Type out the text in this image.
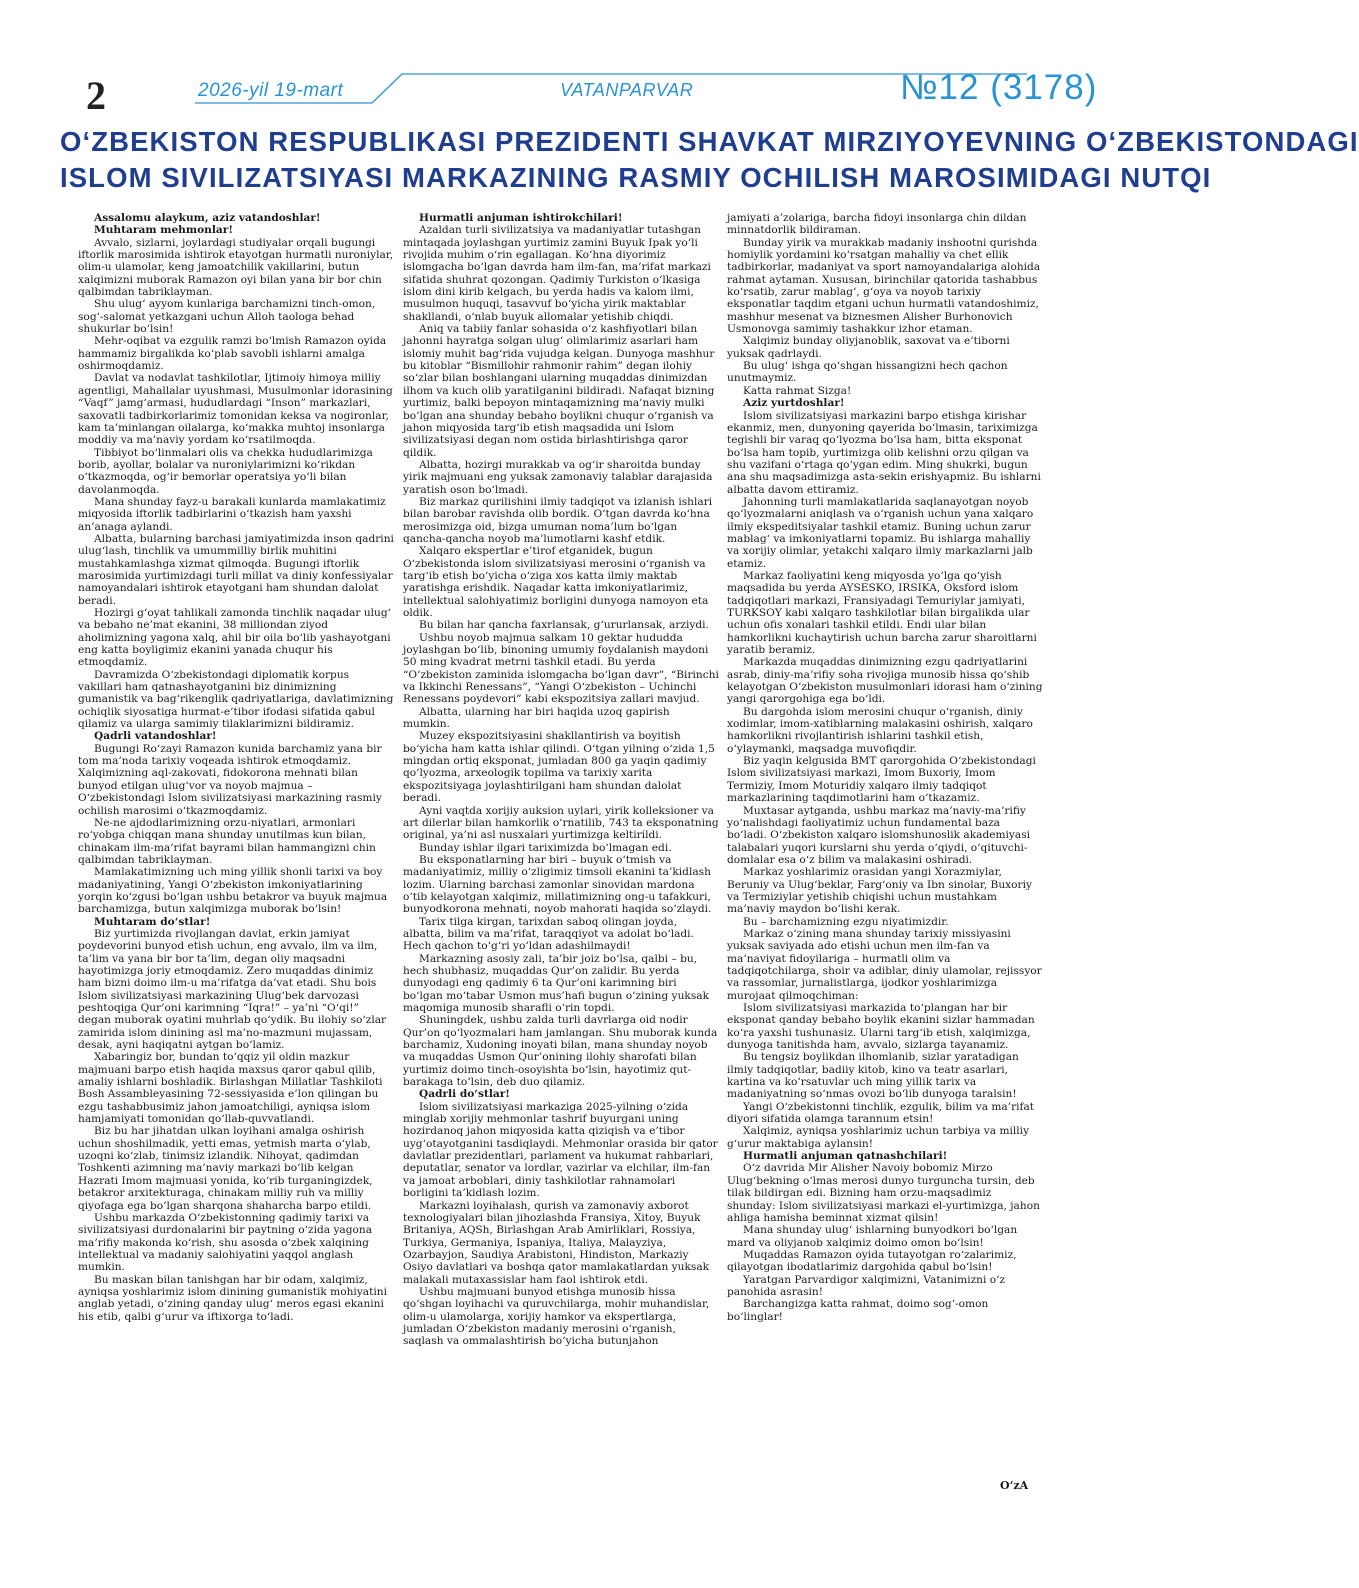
2	2026-yil 19-mart	VATANPARVAR	№12 (3178)
O‘ZBEKISTON RESPUBLIKASI PREZIDENTI SHAVKAT MIRZIYOYEVNING O‘ZBEKISTONDAGI
ISLOM SIVILIZATSIYASI MARKAZINING RASMIY OCHILISH MAROSIMIDAGI NUTQI

Assalomu alaykum, aziz vatandoshlar!

Muhtaram mehmonlar!

Avvalo, sizlarni, joylardagi studiyalar orqali bugungi iftorlik marosimida ishtirok etayotgan hurmatli nuroniylar, olim-u ulamolar, keng jamoatchilik vakillarini, butun xalqimizni muborak Ramazon oyi bilan yana bir bor chin qalbimdan tabriklayman.

Shu ulug‘ ayyom kunlariga barchamizni tinch-omon, sog‘-salomat yetkazgani uchun Alloh taologa behad shukurlar bo‘lsin!

Mehr-oqibat va ezgulik ramzi bo‘lmish Ramazon oyida hammamiz birgalikda ko‘plab savobli ishlarni amalga oshirmoqdamiz.

Davlat va nodavlat tashkilotlar, Ijtimoiy himoya milliy agentligi, Mahallalar uyushmasi, Musulmonlar idorasining “Vaqf” jamg‘armasi, hududlardagi “Inson” markazlari, saxovatli tadbirkorlarimiz tomonidan keksa va nogironlar, kam ta’minlangan oilalarga, ko‘makka muhtoj insonlarga moddiy va ma’naviy yordam ko‘rsatilmoqda.

Tibbiyot bo‘linmalari olis va chekka hududlarimizga borib, ayollar, bolalar va nuroniylarimizni ko‘rikdan o‘tkazmoqda, og‘ir bemorlar operatsiya yo‘li bilan davolanmoqda.

Mana shunday fayz-u barakali kunlarda mamlakatimiz miqyosida iftorlik tadbirlarini o‘tkazish ham yaxshi an’anaga aylandi.

Albatta, bularning barchasi jamiyatimizda inson qadrini ulug‘lash, tinchlik va umummilliy birlik muhitini mustahkamlashga xizmat qilmoqda. Bugungi iftorlik marosimida yurtimizdagi turli millat va diniy konfessiyalar namoyandalari ishtirok etayotgani ham shundan dalolat beradi.

Hozirgi g‘oyat tahlikali zamonda tinchlik naqadar ulug‘ va bebaho ne’mat ekanini, 38 milliondan ziyod aholimizning yagona xalq, ahil bir oila bo‘lib yashayotgani eng katta boyligimiz ekanini yanada chuqur his etmoqdamiz.

Davramizda O‘zbekistondagi diplomatik korpus vakillari ham qatnashayotganini biz dinimizning gumanistik va bag‘rikenglik qadriyatlariga, davlatimizning ochiqlik siyosatiga hurmat-e’tibor ifodasi sifatida qabul qilamiz va ularga samimiy tilaklarimizni bildiramiz.

Qadrli vatandoshlar!

Bugungi Ro‘zayi Ramazon kunida barchamiz yana bir tom ma’noda tarixiy voqeada ishtirok etmoqdamiz. Xalqimizning aql-zakovati, fidokorona mehnati bilan bunyod etilgan ulug‘vor va noyob majmua – O‘zbekistondagi Islom sivilizatsiyasi markazining rasmiy ochilish marosimi o‘tkazmoqdamiz.

Ne-ne ajdodlarimizning orzu-niyatlari, armonlari ro‘yobga chiqqan mana shunday unutilmas kun bilan, chinakam ilm-ma’rifat bayrami bilan hammangizni chin qalbimdan tabriklayman.

Mamlakatimizning uch ming yillik shonli tarixi va boy madaniyatining, Yangi O‘zbekiston imkoniyatlarining yorqin ko‘zgusi bo‘lgan ushbu betakror va buyuk majmua barchamizga, butun xalqimizga muborak bo‘lsin!

Muhtaram do‘stlar!

Biz yurtimizda rivojlangan davlat, erkin jamiyat poydevorini bunyod etish uchun, eng avvalo, ilm va ilm, ta’lim va yana bir bor ta’lim, degan oliy maqsadni hayotimizga joriy etmoqdamiz. Zero muqaddas dinimiz ham bizni doimo ilm-u ma’rifatga da’vat etadi. Shu bois Islom sivilizatsiyasi markazining Ulug‘bek darvozasi peshtoqiga Qur’oni karimning “Iqra!” – ya’ni “O‘qi!” degan muborak oyatini muhrlab qo‘ydik. Bu ilohiy so‘zlar zamirida islom dinining asl ma’no-mazmuni mujassam, desak, ayni haqiqatni aytgan bo‘lamiz.

Xabaringiz bor, bundan to‘qqiz yil oldin mazkur majmuani barpo etish haqida maxsus qaror qabul qilib, amaliy ishlarni boshladik. Birlashgan Millatlar Tashkiloti Bosh Assambleyasining 72-sessiyasida e’lon qilingan bu ezgu tashabbusimiz jahon jamoatchiligi, ayniqsa islom hamjamiyati tomonidan qo‘llab-quvvatlandi.

Biz bu har jihatdan ulkan loyihani amalga oshirish uchun shoshilmadik, yetti emas, yetmish marta o‘ylab, uzoqni ko‘zlab, tinimsiz izlandik. Nihoyat, qadimdan Toshkenti azimning ma’naviy markazi bo‘lib kelgan Hazrati Imom majmuasi yonida, ko‘rib turganingizdek, betakror arxitekturaga, chinakam milliy ruh va milliy qiyofaga ega bo‘lgan sharqona shaharcha barpo etildi.

Ushbu markazda O‘zbekistonning qadimiy tarixi va sivilizatsiyasi durdonalarini bir paytning o‘zida yagona ma’rifiy makonda ko‘rish, shu asosda o‘zbek xalqining intellektual va madaniy salohiyatini yaqqol anglash mumkin.

Bu maskan bilan tanishgan har bir odam, xalqimiz, ayniqsa yoshlarimiz islom dinining gumanistik mohiyatini anglab yetadi, o‘zining qanday ulug‘ meros egasi ekanini his etib, qalbi g‘urur va iftixorga to‘ladi.

Hurmatli anjuman ishtirokchilari!

Azaldan turli sivilizatsiya va madaniyatlar tutashgan mintaqada joylashgan yurtimiz zamini Buyuk Ipak yo‘li rivojida muhim o‘rin egallagan. Ko‘hna diyorimiz islomgacha bo‘lgan davrda ham ilm-fan, ma’rifat markazi sifatida shuhrat qozongan. Qadimiy Turkiston o‘lkasiga islom dini kirib kelgach, bu yerda hadis va kalom ilmi, musulmon huquqi, tasavvuf bo‘yicha yirik maktablar shakllandi, o‘nlab buyuk allomalar yetishib chiqdi.

Aniq va tabiiy fanlar sohasida o‘z kashfiyotlari bilan jahonni hayratga solgan ulug‘ olimlarimiz asarlari ham islomiy muhit bag‘rida vujudga kelgan. Dunyoga mashhur bu kitoblar “Bismillohir rahmonir rahim” degan ilohiy so‘zlar bilan boshlangani ularning muqaddas dinimizdan ilhom va kuch olib yaratilganini bildiradi. Nafaqat bizning yurtimiz, balki bepoyon mintaqamizning ma’naviy mulki bo‘lgan ana shunday bebaho boylikni chuqur o‘rganish va jahon miqyosida targ‘ib etish maqsadida uni Islom sivilizatsiyasi degan nom ostida birlashtirishga qaror qildik.

Albatta, hozirgi murakkab va og‘ir sharoitda bunday yirik majmuani eng yuksak zamonaviy talablar darajasida yaratish oson bo‘lmadi.

Biz markaz qurilishini ilmiy tadqiqot va izlanish ishlari bilan barobar ravishda olib bordik. O‘tgan davrda ko‘hna merosimizga oid, bizga umuman noma’lum bo‘lgan qancha-qancha noyob ma’lumotlarni kashf etdik.

Xalqaro ekspertlar e’tirof etganidek, bugun O‘zbekistonda islom sivilizatsiyasi merosini o‘rganish va targ‘ib etish bo‘yicha o‘ziga xos katta ilmiy maktab yaratishga erishdik. Naqadar katta imkoniyatlarimiz, intellektual salohiyatimiz borligini dunyoga namoyon eta oldik.

Bu bilan har qancha faxrlansak, g‘ururlansak, arziydi.

Ushbu noyob majmua salkam 10 gektar hududda joylashgan bo‘lib, binoning umumiy foydalanish maydoni 50 ming kvadrat metrni tashkil etadi. Bu yerda “O‘zbekiston zaminida islomgacha bo‘lgan davr”, “Birinchi va Ikkinchi Renessans”, “Yangi O‘zbekiston – Uchinchi Renessans poydevori” kabi ekspozitsiya zallari mavjud.

Albatta, ularning har biri haqida uzoq gapirish mumkin.

Muzey ekspozitsiyasini shakllantirish va boyitish bo‘yicha ham katta ishlar qilindi. O‘tgan yilning o‘zida 1,5 mingdan ortiq eksponat, jumladan 800 ga yaqin qadimiy qo‘lyozma, arxeologik topilma va tarixiy xarita ekspozitsiyaga joylashtirilgani ham shundan dalolat beradi.

Ayni vaqtda xorijiy auksion uylari, yirik kolleksioner va art dilerlar bilan hamkorlik o‘rnatilib, 743 ta eksponatning original, ya’ni asl nusxalari yurtimizga keltirildi.

Bunday ishlar ilgari tariximizda bo‘lmagan edi.

Bu eksponatlarning har biri – buyuk o‘tmish va madaniyatimiz, milliy o‘zligimiz timsoli ekanini ta’kidlash lozim. Ularning barchasi zamonlar sinovidan mardona o‘tib kelayotgan xalqimiz, millatimizning ong-u tafakkuri, bunyodkorona mehnati, noyob mahorati haqida so‘zlaydi.

Tarix tilga kirgan, tarixdan saboq olingan joyda, albatta, bilim va ma’rifat, taraqqiyot va adolat bo‘ladi. Hech qachon to‘g‘ri yo‘ldan adashilmaydi!

Markazning asosiy zali, ta’bir joiz bo‘lsa, qalbi – bu, hech shubhasiz, muqaddas Qur’on zalidir. Bu yerda dunyodagi eng qadimiy 6 ta Qur’oni karimning biri bo‘lgan mo‘tabar Usmon mus’hafi bugun o‘zining yuksak maqomiga munosib sharafli o‘rin topdi.

Shuningdek, ushbu zalda turli davrlarga oid nodir Qur’on qo‘lyozmalari ham jamlangan. Shu muborak kunda barchamiz, Xudoning inoyati bilan, mana shunday noyob va muqaddas Usmon Qur’onining ilohiy sharofati bilan yurtimiz doimo tinch-osoyishta bo‘lsin, hayotimiz qut-barakaga to‘lsin, deb duo qilamiz.

Qadrli do‘stlar!

Islom sivilizatsiyasi markaziga 2025-yilning o‘zida minglab xorijiy mehmonlar tashrif buyurgani uning hozirdanoq jahon miqyosida katta qiziqish va e’tibor uyg‘otayotganini tasdiqlaydi. Mehmonlar orasida bir qator davlatlar prezidentlari, parlament va hukumat rahbarlari, deputatlar, senator va lordlar, vazirlar va elchilar, ilm-fan va jamoat arboblari, diniy tashkilotlar rahnamolari borligini ta’kidlash lozim.

Markazni loyihalash, qurish va zamonaviy axborot texnologiyalari bilan jihozlashda Fransiya, Xitoy, Buyuk Britaniya, AQSh, Birlashgan Arab Amirliklari, Rossiya, Turkiya, Germaniya, Ispaniya, Italiya, Malayziya, Ozarbayjon, Saudiya Arabistoni, Hindiston, Markaziy Osiyo davlatlari va boshqa qator mamlakatlardan yuksak malakali mutaxassislar ham faol ishtirok etdi.

Ushbu majmuani bunyod etishga munosib hissa qo‘shgan loyihachi va quruvchilarga, mohir muhandislar, olim-u ulamolarga, xorijiy hamkor va ekspertlarga, jumladan O‘zbekiston madaniy merosini o‘rganish, saqlash va ommalashtirish bo‘yicha butunjahon

jamiyati a’zolariga, barcha fidoyi insonlarga chin dildan minnatdorlik bildiraman.

Bunday yirik va murakkab madaniy inshootni qurishda homiylik yordamini ko‘rsatgan mahalliy va chet ellik tadbirkorlar, madaniyat va sport namoyandalariga alohida rahmat aytaman. Xususan, birinchilar qatorida tashabbus ko‘rsatib, zarur mablag‘, g‘oya va noyob tarixiy eksponatlar taqdim etgani uchun hurmatli vatandoshimiz, mashhur mesenat va biznesmen Alisher Burhonovich Usmonovga samimiy tashakkur izhor etaman.

Xalqimiz bunday oliyjanoblik, saxovat va e’tiborni yuksak qadrlaydi.

Bu ulug‘ ishga qo‘shgan hissangizni hech qachon unutmaymiz.

Katta rahmat Sizga!

Aziz yurtdoshlar!

Islom sivilizatsiyasi markazini barpo etishga kirishar ekanmiz, men, dunyoning qayerida bo‘lmasin, tariximizga tegishli bir varaq qo‘lyozma bo‘lsa ham, bitta eksponat bo‘lsa ham topib, yurtimizga olib kelishni orzu qilgan va shu vazifani o‘rtaga qo‘ygan edim. Ming shukrki, bugun ana shu maqsadimizga asta-sekin erishyapmiz. Bu ishlarni albatta davom ettiramiz.

Jahonning turli mamlakatlarida saqlanayotgan noyob qo‘lyozmalarni aniqlash va o‘rganish uchun yana xalqaro ilmiy ekspeditsiyalar tashkil etamiz. Buning uchun zarur mablag‘ va imkoniyatlarni topamiz. Bu ishlarga mahalliy va xorijiy olimlar, yetakchi xalqaro ilmiy markazlarni jalb etamiz.

Markaz faoliyatini keng miqyosda yo‘lga qo‘yish maqsadida bu yerda AYSESKO, IRSIKA, Oksford islom tadqiqotlari markazi, Fransiyadagi Temuriylar jamiyati, TURKSOY kabi xalqaro tashkilotlar bilan birgalikda ular uchun ofis xonalari tashkil etildi. Endi ular bilan hamkorlikni kuchaytirish uchun barcha zarur sharoitlarni yaratib beramiz.

Markazda muqaddas dinimizning ezgu qadriyatlarini asrab, diniy-ma’rifiy soha rivojiga munosib hissa qo‘shib kelayotgan O‘zbekiston musulmonlari idorasi ham o‘zining yangi qarorgohiga ega bo‘ldi.

Bu dargohda islom merosini chuqur o‘rganish, diniy xodimlar, imom-xatiblarning malakasini oshirish, xalqaro hamkorlikni rivojlantirish ishlarini tashkil etish, o‘ylaymanki, maqsadga muvofiqdir.

Biz yaqin kelgusida BMT qarorgohida O‘zbekistondagi Islom sivilizatsiyasi markazi, Imom Buxoriy, Imom Termiziy, Imom Moturidiy xalqaro ilmiy tadqiqot markazlarining taqdimotlarini ham o‘tkazamiz.

Muxtasar aytganda, ushbu markaz ma’naviy-ma’rifiy yo‘nalishdagi faoliyatimiz uchun fundamental baza bo‘ladi. O‘zbekiston xalqaro islomshunoslik akademiyasi talabalari yuqori kurslarni shu yerda o‘qiydi, o‘qituvchi-domlalar esa o‘z bilim va malakasini oshiradi.

Markaz yoshlarimiz orasidan yangi Xorazmiylar, Beruniy va Ulug‘beklar, Farg‘oniy va Ibn sinolar, Buxoriy va Termiziylar yetishib chiqishi uchun mustahkam ma’naviy maydon bo‘lishi kerak.

Bu – barchamizning ezgu niyatimizdir.

Markaz o‘zining mana shunday tarixiy missiyasini yuksak saviyada ado etishi uchun men ilm-fan va ma’naviyat fidoyilariga – hurmatli olim va tadqiqotchilarga, shoir va adiblar, diniy ulamolar, rejissyor va rassomlar, jurnalistlarga, ijodkor yoshlarimizga murojaat qilmoqchiman:

Islom sivilizatsiyasi markazida to‘plangan har bir eksponat qanday bebaho boylik ekanini sizlar hammadan ko‘ra yaxshi tushunasiz. Ularni targ‘ib etish, xalqimizga, dunyoga tanitishda ham, avvalo, sizlarga tayanamiz.

Bu tengsiz boylikdan ilhomlanib, sizlar yaratadigan ilmiy tadqiqotlar, badiiy kitob, kino va teatr asarlari, kartina va ko‘rsatuvlar uch ming yillik tarix va madaniyatning so‘nmas ovozi bo‘lib dunyoga taralsin!

Yangi O‘zbekistonni tinchlik, ezgulik, bilim va ma’rifat diyori sifatida olamga tarannum etsin!

Xalqimiz, ayniqsa yoshlarimiz uchun tarbiya va milliy g‘urur maktabiga aylansin!

Hurmatli anjuman qatnashchilari!

O‘z davrida Mir Alisher Navoiy bobomiz Mirzo Ulug‘bekning o‘lmas merosi dunyo turguncha tursin, deb tilak bildirgan edi. Bizning ham orzu-maqsadimiz shunday: Islom sivilizatsiyasi markazi el-yurtimizga, jahon ahliga hamisha beminnat xizmat qilsin!

Mana shunday ulug‘ ishlarning bunyodkori bo‘lgan mard va oliyjanob xalqimiz doimo omon bo‘lsin!

Muqaddas Ramazon oyida tutayotgan ro‘zalarimiz, qilayotgan ibodatlarimiz dargohida qabul bo‘lsin!

Yaratgan Parvardigor xalqimizni, Vatanimizni o‘z panohida asrasin!

Barchangizga katta rahmat, doimo sog‘-omon bo‘linglar!

O‘zA
